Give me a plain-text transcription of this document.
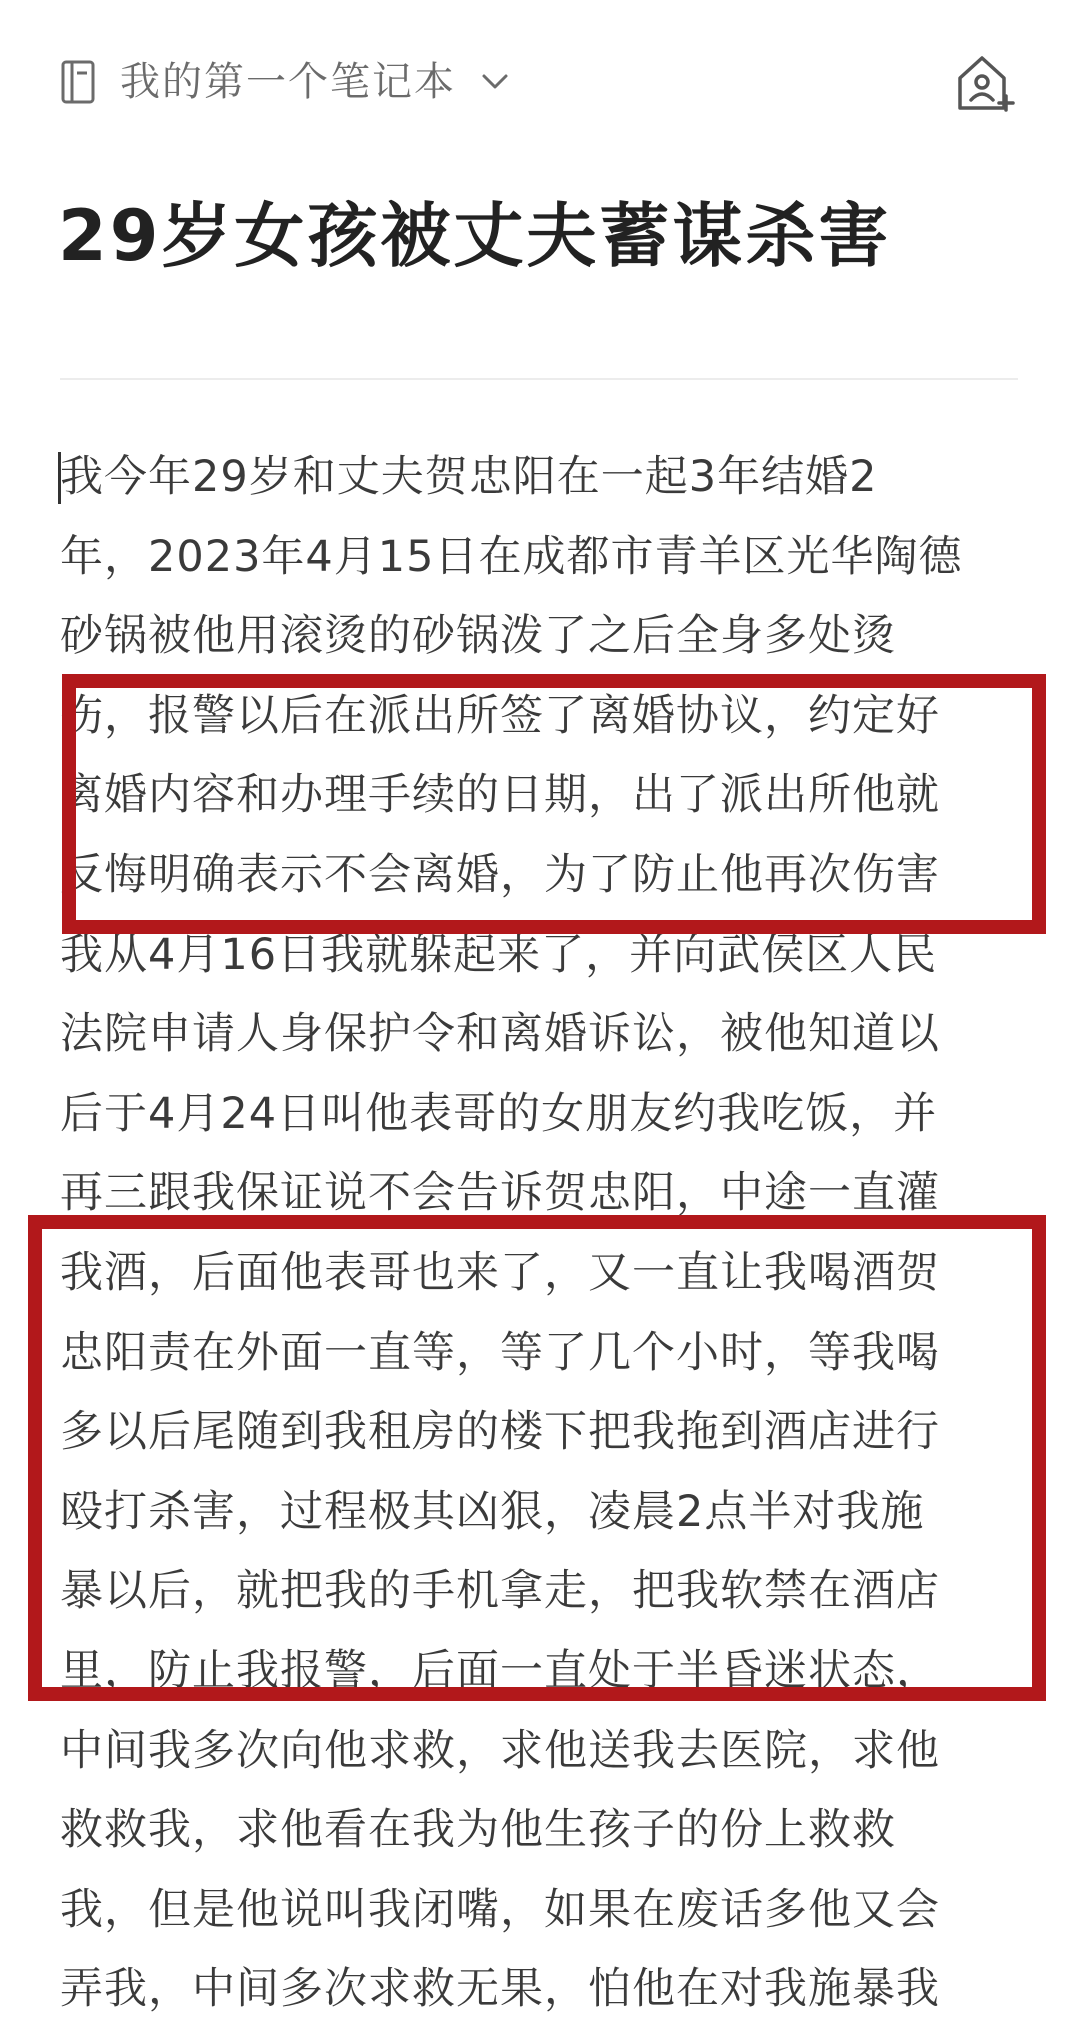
我的第一个笔记本
29岁女孩被丈夫蓄谋杀害
我今年29岁和丈夫贺忠阳在一起3年结婚2
年，2023年4月15日在成都市青羊区光华陶德
砂锅被他用滚烫的砂锅泼了之后全身多处烫
伤，报警以后在派出所签了离婚协议，约定好
离婚内容和办理手续的日期，出了派出所他就
反悔明确表示不会离婚，为了防止他再次伤害
我从4月16日我就躲起来了，并向武侯区人民
法院申请人身保护令和离婚诉讼，被他知道以
后于4月24日叫他表哥的女朋友约我吃饭，并
再三跟我保证说不会告诉贺忠阳，中途一直灌
我酒，后面他表哥也来了，又一直让我喝酒贺
忠阳责在外面一直等，等了几个小时，等我喝
多以后尾随到我租房的楼下把我拖到酒店进行
殴打杀害，过程极其凶狠，凌晨2点半对我施
暴以后，就把我的手机拿走，把我软禁在酒店
里，防止我报警，后面一直处于半昏迷状态，
中间我多次向他求救，求他送我去医院，求他
救救我，求他看在我为他生孩子的份上救救
我，但是他说叫我闭嘴，如果在废话多他又会
弄我，中间多次求救无果，怕他在对我施暴我
